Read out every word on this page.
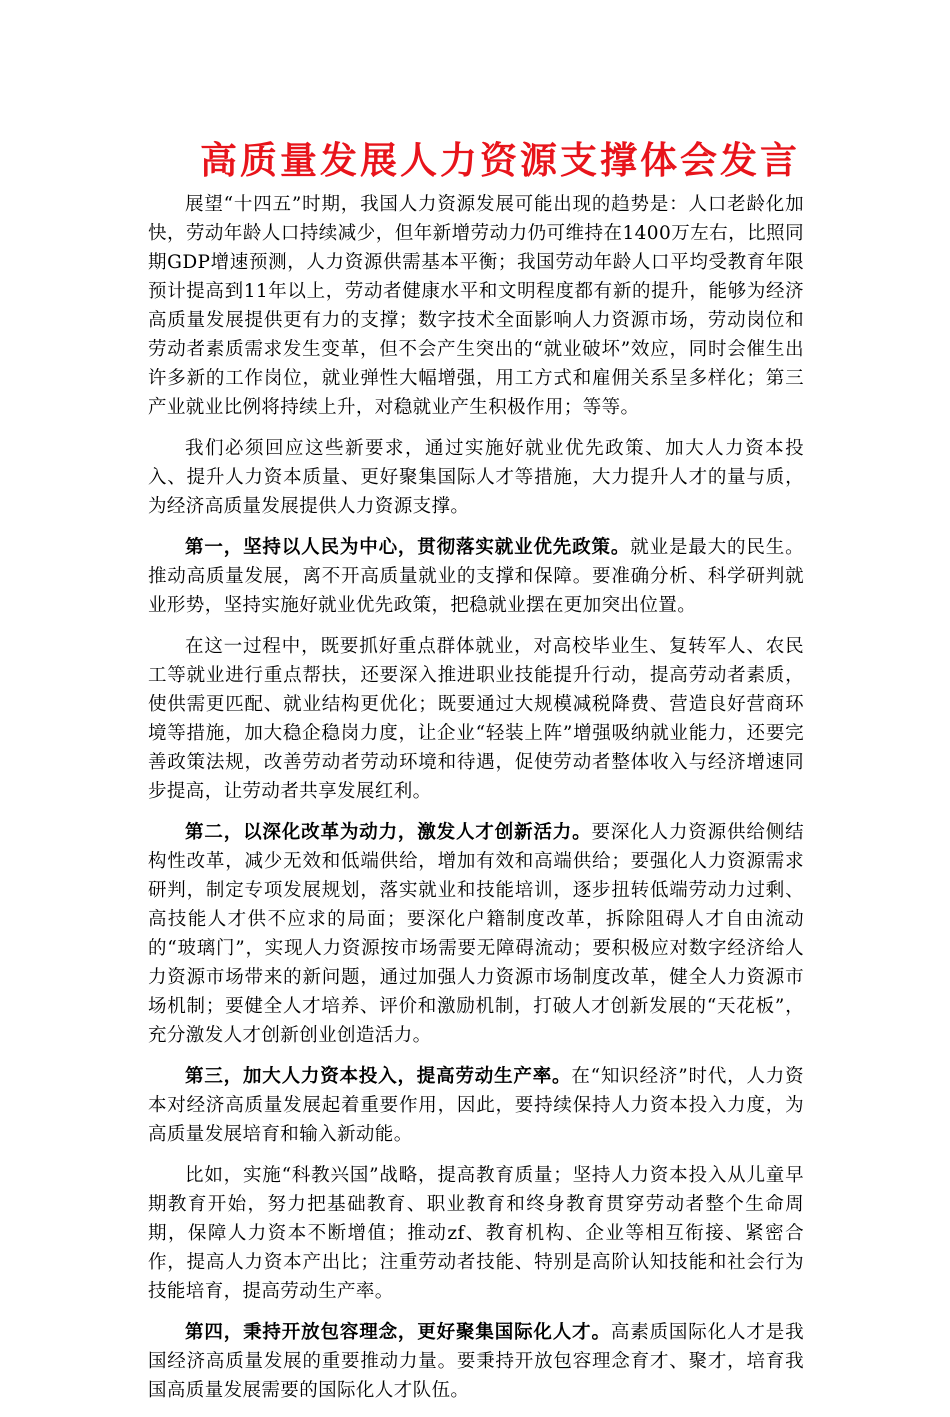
高质量发展人力资源支撑体会发言

展望“十四五”时期，我国人力资源发展可能出现的趋势是：人口老龄化加快，劳动年龄人口持续减少，但年新增劳动力仍可维持在1400万左右，比照同期GDP增速预测，人力资源供需基本平衡；我国劳动年龄人口平均受教育年限预计提高到11年以上，劳动者健康水平和文明程度都有新的提升，能够为经济高质量发展提供更有力的支撑；数字技术全面影响人力资源市场，劳动岗位和劳动者素质需求发生变革，但不会产生突出的“就业破坏”效应，同时会催生出许多新的工作岗位，就业弹性大幅增强，用工方式和雇佣关系呈多样化；第三产业就业比例将持续上升，对稳就业产生积极作用；等等。

我们必须回应这些新要求，通过实施好就业优先政策、加大人力资本投入、提升人力资本质量、更好聚集国际人才等措施，大力提升人才的量与质，为经济高质量发展提供人力资源支撑。

第一，坚持以人民为中心，贯彻落实就业优先政策。就业是最大的民生。推动高质量发展，离不开高质量就业的支撑和保障。要准确分析、科学研判就业形势，坚持实施好就业优先政策，把稳就业摆在更加突出位置。

在这一过程中，既要抓好重点群体就业，对高校毕业生、复转军人、农民工等就业进行重点帮扶，还要深入推进职业技能提升行动，提高劳动者素质，使供需更匹配、就业结构更优化；既要通过大规模减税降费、营造良好营商环境等措施，加大稳企稳岗力度，让企业“轻装上阵”增强吸纳就业能力，还要完善政策法规，改善劳动者劳动环境和待遇，促使劳动者整体收入与经济增速同步提高，让劳动者共享发展红利。

第二，以深化改革为动力，激发人才创新活力。要深化人力资源供给侧结构性改革，减少无效和低端供给，增加有效和高端供给；要强化人力资源需求研判，制定专项发展规划，落实就业和技能培训，逐步扭转低端劳动力过剩、高技能人才供不应求的局面；要深化户籍制度改革，拆除阻碍人才自由流动的“玻璃门”，实现人力资源按市场需要无障碍流动；要积极应对数字经济给人力资源市场带来的新问题，通过加强人力资源市场制度改革，健全人力资源市场机制；要健全人才培养、评价和激励机制，打破人才创新发展的“天花板”，充分激发人才创新创业创造活力。

第三，加大人力资本投入，提高劳动生产率。在“知识经济”时代，人力资本对经济高质量发展起着重要作用，因此，要持续保持人力资本投入力度，为高质量发展培育和输入新动能。

比如，实施“科教兴国”战略，提高教育质量；坚持人力资本投入从儿童早期教育开始，努力把基础教育、职业教育和终身教育贯穿劳动者整个生命周期，保障人力资本不断增值；推动zf、教育机构、企业等相互衔接、紧密合作，提高人力资本产出比；注重劳动者技能、特别是高阶认知技能和社会行为技能培育，提高劳动生产率。

第四，秉持开放包容理念，更好聚集国际化人才。高素质国际化人才是我国经济高质量发展的重要推动力量。要秉持开放包容理念育才、聚才，培育我国高质量发展需要的国际化人才队伍。
